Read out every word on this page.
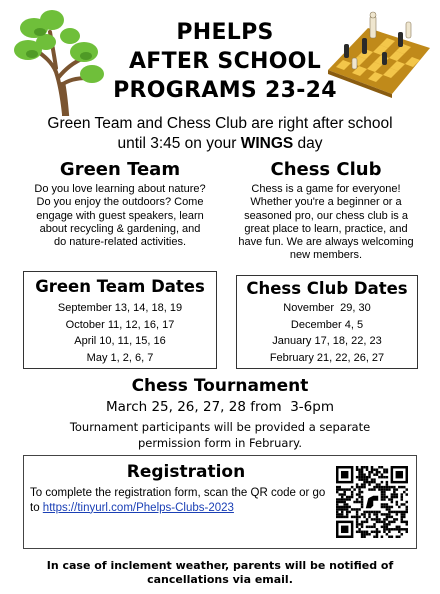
PHELPS
AFTER SCHOOL
PROGRAMS 23-24
Green Team and Chess Club are right after school until 3:45 on your WINGS day
Green Team
Do you love learning about nature? Do you enjoy the outdoors? Come engage with guest speakers, learn about recycling & gardening, and do nature-related activities.
Chess Club
Chess is a game for everyone! Whether you're a beginner or a seasoned pro, our chess club is a great place to learn, practice, and have fun. We are always welcoming new members.
Green Team Dates
September 13, 14, 18, 19
October 11, 12, 16, 17
April 10, 11, 15, 16
May 1, 2, 6, 7
Chess Club Dates
November  29, 30
December 4, 5
January 17, 18, 22, 23
February 21, 22, 26, 27
Chess Tournament
March 25, 26, 27, 28 from  3-6pm
Tournament participants will be provided a separate permission form in February.
Registration
To complete the registration form, scan the QR code or go to https://tinyurl.com/Phelps-Clubs-2023
In case of inclement weather, parents will be notified of cancellations via email.
